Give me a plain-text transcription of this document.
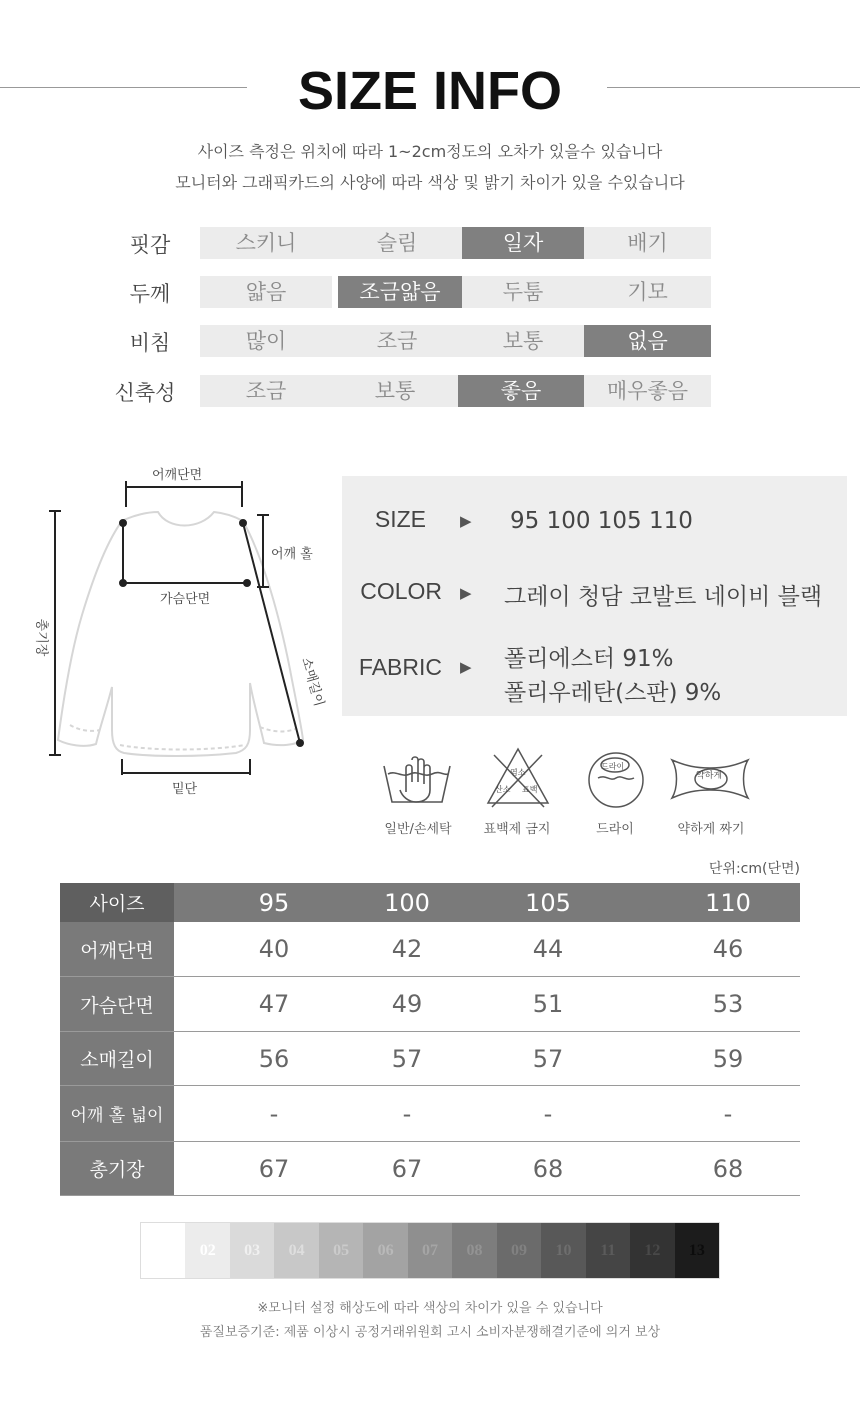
SIZE INFO
사이즈 측정은 위치에 따라 1~2cm정도의 오차가 있을수 있습니다
모니터와 그래픽카드의 사양에 따라 색상 및 밝기 차이가 있을 수있습니다
핏감	스키니	슬림	일자	배기
두께	얇음	조금얇음	두툼	기모
비침	많이	조금	보통	없음
신축성	조금	보통	좋음	매우좋음
어깨단면
어깨 홀
가슴단면
총기장
소매길이
밑단
SIZE ▶ 95 100 105 110
COLOR ▶ 그레이 청담 코발트 네이비 블랙
FABRIC ▶ 폴리에스터 91%
폴리우레탄(스판) 9%
염소
산소 표백
드라이
약하게
일반/손세탁	표백제 금지	드라이	약하게 짜기
단위:cm(단면)
사이즈	95	100	105	110
어깨단면	40	42	44	46
가슴단면	47	49	51	53
소매길이	56	57	57	59
어깨 홀 넓이	-	-	-	-
총기장	67	67	68	68
01	02	03	04	05	06	07	08	09	10	11	12	13
※모니터 설정 해상도에 따라 색상의 차이가 있을 수 있습니다
품질보증기준: 제품 이상시 공정거래위원회 고시 소비자분쟁해결기준에 의거 보상
